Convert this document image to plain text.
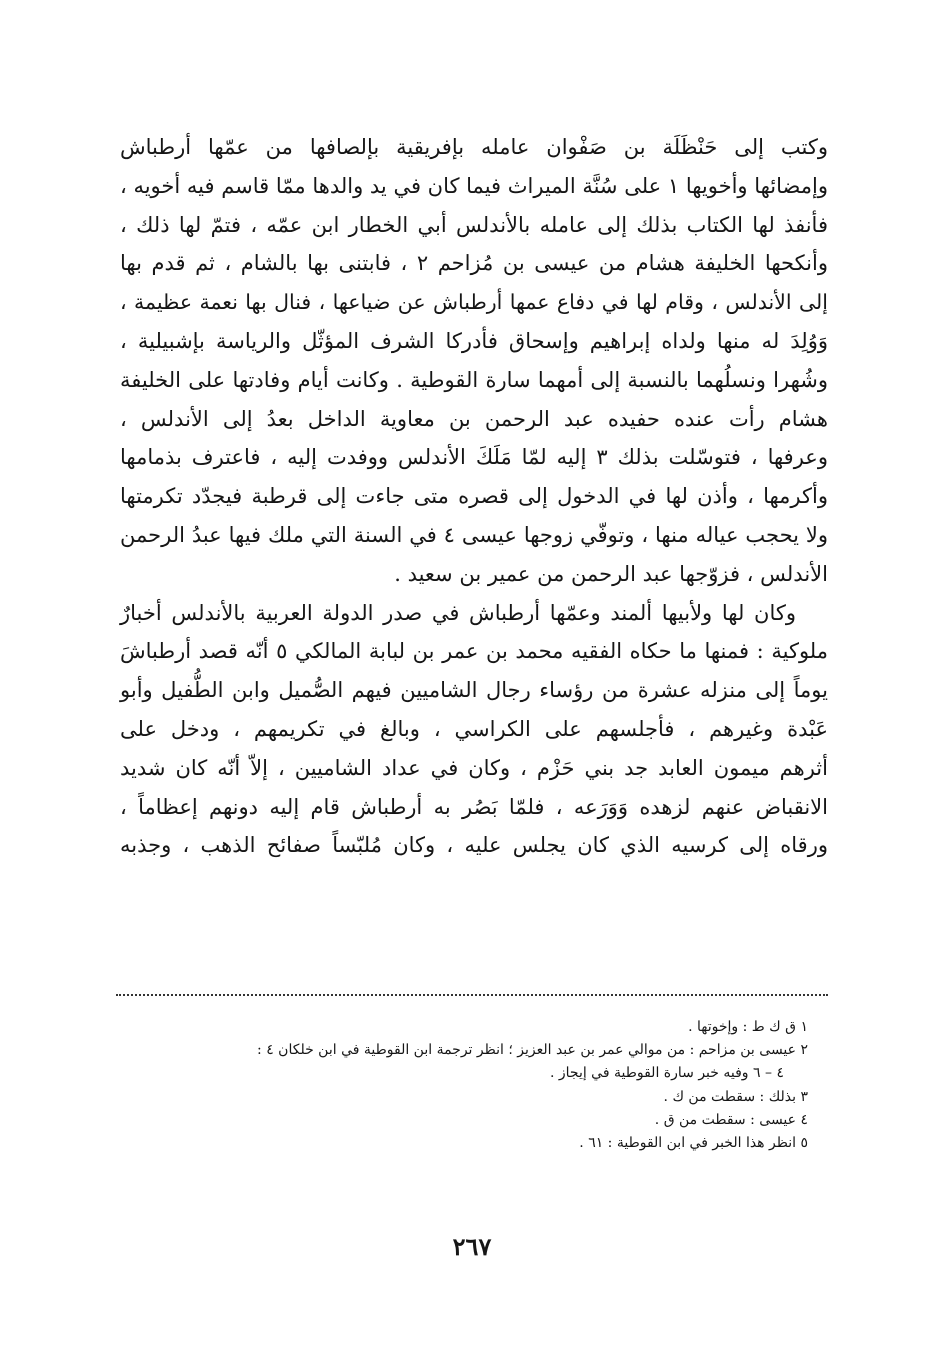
وكتب إلى حَنْظَلَة بن صَفْوان عامله بإفريقية بإلصافها من عمّها أرطباش
وإمضائها وأخويها ١ على سُنَّة الميراث فيما كان في يد والدها ممّا قاسم فيه أخويه ،
فأنفذ لها الكتاب بذلك إلى عامله بالأندلس أبي الخطار ابن عمّه ، فتمّ لها ذلك ،
وأنكحها الخليفة هشام من عيسى بن مُزاحم ٢ ، فابتنى بها بالشام ، ثم قدم بها
إلى الأندلس ، وقام لها في دفاع عمها أرطباش عن ضياعها ، فنال بها نعمة عظيمة ،
وَوُلِدَ له منها ولداه إبراهيم وإسحاق فأدركا الشرف المؤثّل والرياسة بإشبيلية ،
وشُهرا ونسلُهما بالنسبة إلى أمهما سارة القوطية . وكانت أيام وفادتها على الخليفة
هشام رأت عنده حفيده عبد الرحمن بن معاوية الداخل بعدُ إلى الأندلس ،
وعرفها ، فتوسّلت بذلك ٣ إليه لمّا مَلَكَ الأندلس ووفدت إليه ، فاعترف بذمامها
وأكرمها ، وأذن لها في الدخول إلى قصره متى جاءت إلى قرطبة فيجدّد تكرمتها
ولا يحجب عياله منها ، وتوفّي زوجها عيسى ٤ في السنة التي ملك فيها عبدُ الرحمن
الأندلس ، فزوّجها عبد الرحمن من عمير بن سعيد .
وكان لها ولأبيها ألمند وعمّها أرطباش في صدر الدولة العربية بالأندلس أخبارٌ
ملوكية : فمنها ما حكاه الفقيه محمد بن عمر بن لبابة المالكي ٥ أنّه قصد أرطباشَ
يوماً إلى منزله عشرة من رؤساء رجال الشاميين فيهم الصُّميل وابن الطُّفيل وأبو
عَبْدة وغيرهم ، فأجلسهم على الكراسي ، وبالغ في تكريمهم ، ودخل على
أثرهم ميمون العابد جد بني حَزْم ، وكان في عداد الشاميين ، إلاّ أنّه كان شديد
الانقباض عنهم لزهده وَوَرَعه ، فلمّا بَصُر به أرطباش قام إليه دونهم إعظاماً ،
ورقاه إلى كرسيه الذي كان يجلس عليه ، وكان مُلبّساً صفائح الذهب ، وجذبه
١ ق ك ط : وإخوتها .
٢ عيسى بن مزاحم : من موالي عمر بن عبد العزيز ؛ انظر ترجمة ابن القوطية في ابن خلكان ٤ :
٤ – ٦ وفيه خبر سارة القوطية في إيجاز .
٣ بذلك : سقطت من ك .
٤ عيسى : سقطت من ق .
٥ انظر هذا الخبر في ابن القوطية : ٦١ .
٢٦٧
